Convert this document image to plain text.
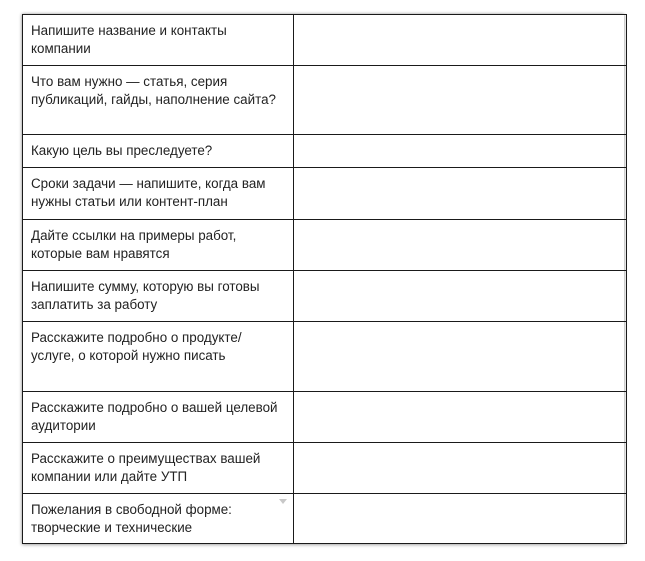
Напишите название и контакты компании	

Что вам нужно — статья, серия публикаций, гайды, наполнение сайта?	

Какую цель вы преследуете?	

Сроки задачи — напишите, когда вам нужны статьи или контент-план	

Дайте ссылки на примеры работ, которые вам нравятся	

Напишите сумму, которую вы готовы заплатить за работу	

Расскажите подробно о продукте/услуге, о которой нужно писать	

Расскажите подробно о вашей целевой аудитории	

Расскажите о преимуществах вашей компании или дайте УТП	

Пожелания в свободной форме: творческие и технические	
